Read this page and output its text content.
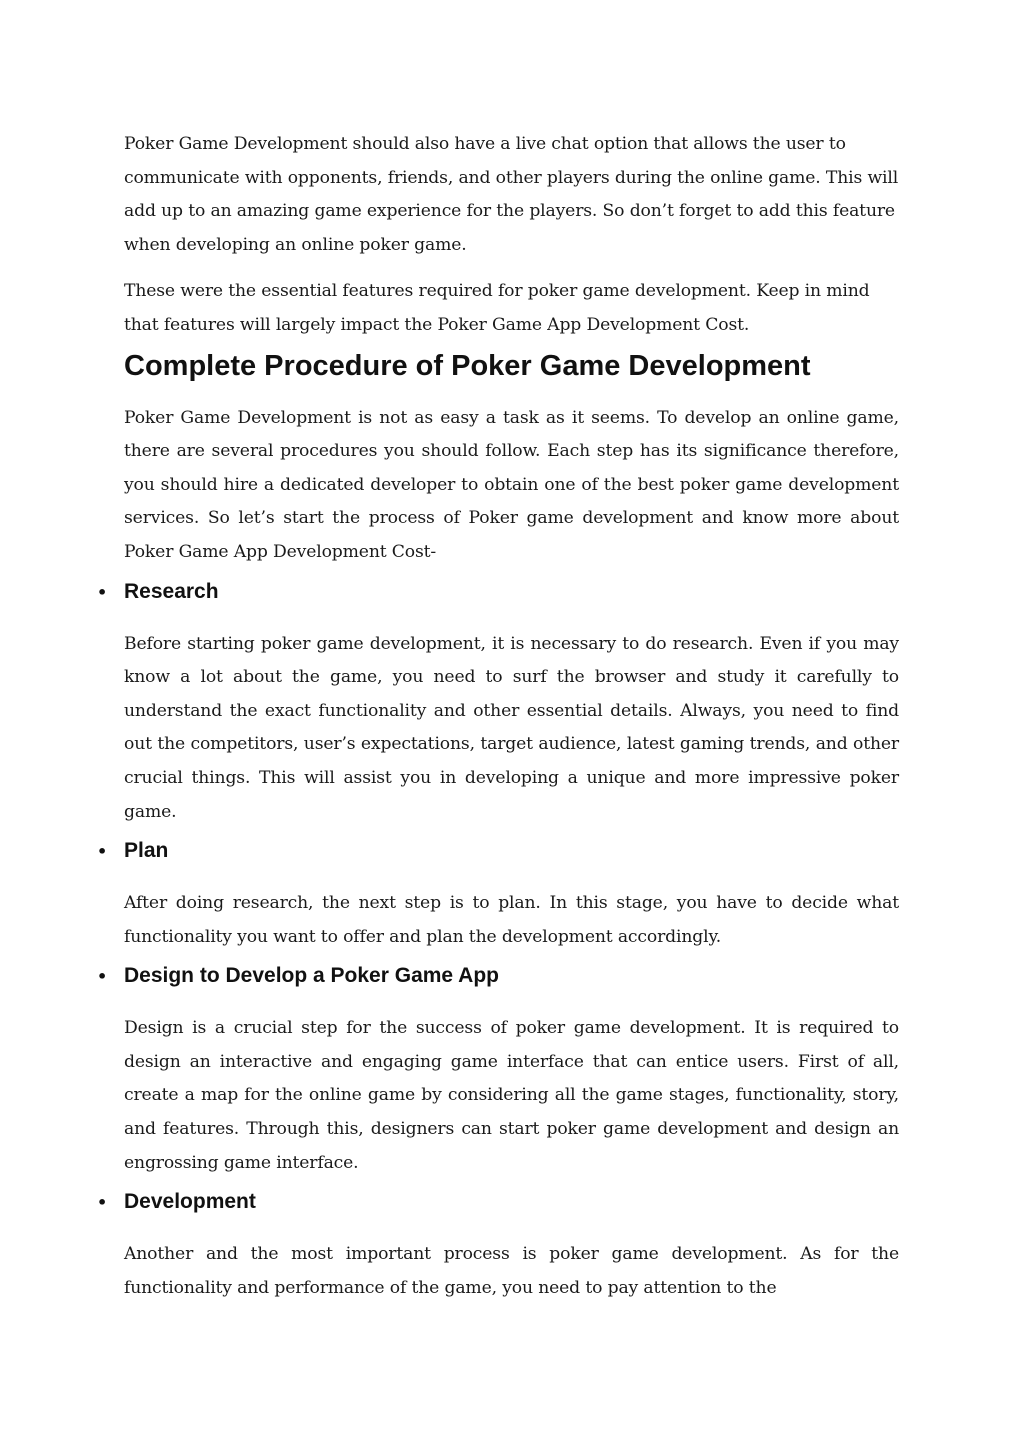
Poker Game Development should also have a live chat option that allows the user to communicate with opponents, friends, and other players during the online game. This will add up to an amazing game experience for the players. So don’t forget to add this feature when developing an online poker game.

These were the essential features required for poker game development. Keep in mind that features will largely impact the Poker Game App Development Cost.

Complete Procedure of Poker Game Development

Poker Game Development is not as easy a task as it seems. To develop an online game, there are several procedures you should follow. Each step has its significance therefore, you should hire a dedicated developer to obtain one of the best poker game development services. So let’s start the process of Poker game development and know more about Poker Game App Development Cost-

• Research

Before starting poker game development, it is necessary to do research. Even if you may know a lot about the game, you need to surf the browser and study it carefully to understand the exact functionality and other essential details. Always, you need to find out the competitors, user’s expectations, target audience, latest gaming trends, and other crucial things. This will assist you in developing a unique and more impressive poker game.

• Plan

After doing research, the next step is to plan. In this stage, you have to decide what functionality you want to offer and plan the development accordingly.

• Design to Develop a Poker Game App

Design is a crucial step for the success of poker game development. It is required to design an interactive and engaging game interface that can entice users. First of all, create a map for the online game by considering all the game stages, functionality, story, and features. Through this, designers can start poker game development and design an engrossing game interface.

• Development

Another and the most important process is poker game development. As for the functionality and performance of the game, you need to pay attention to the
